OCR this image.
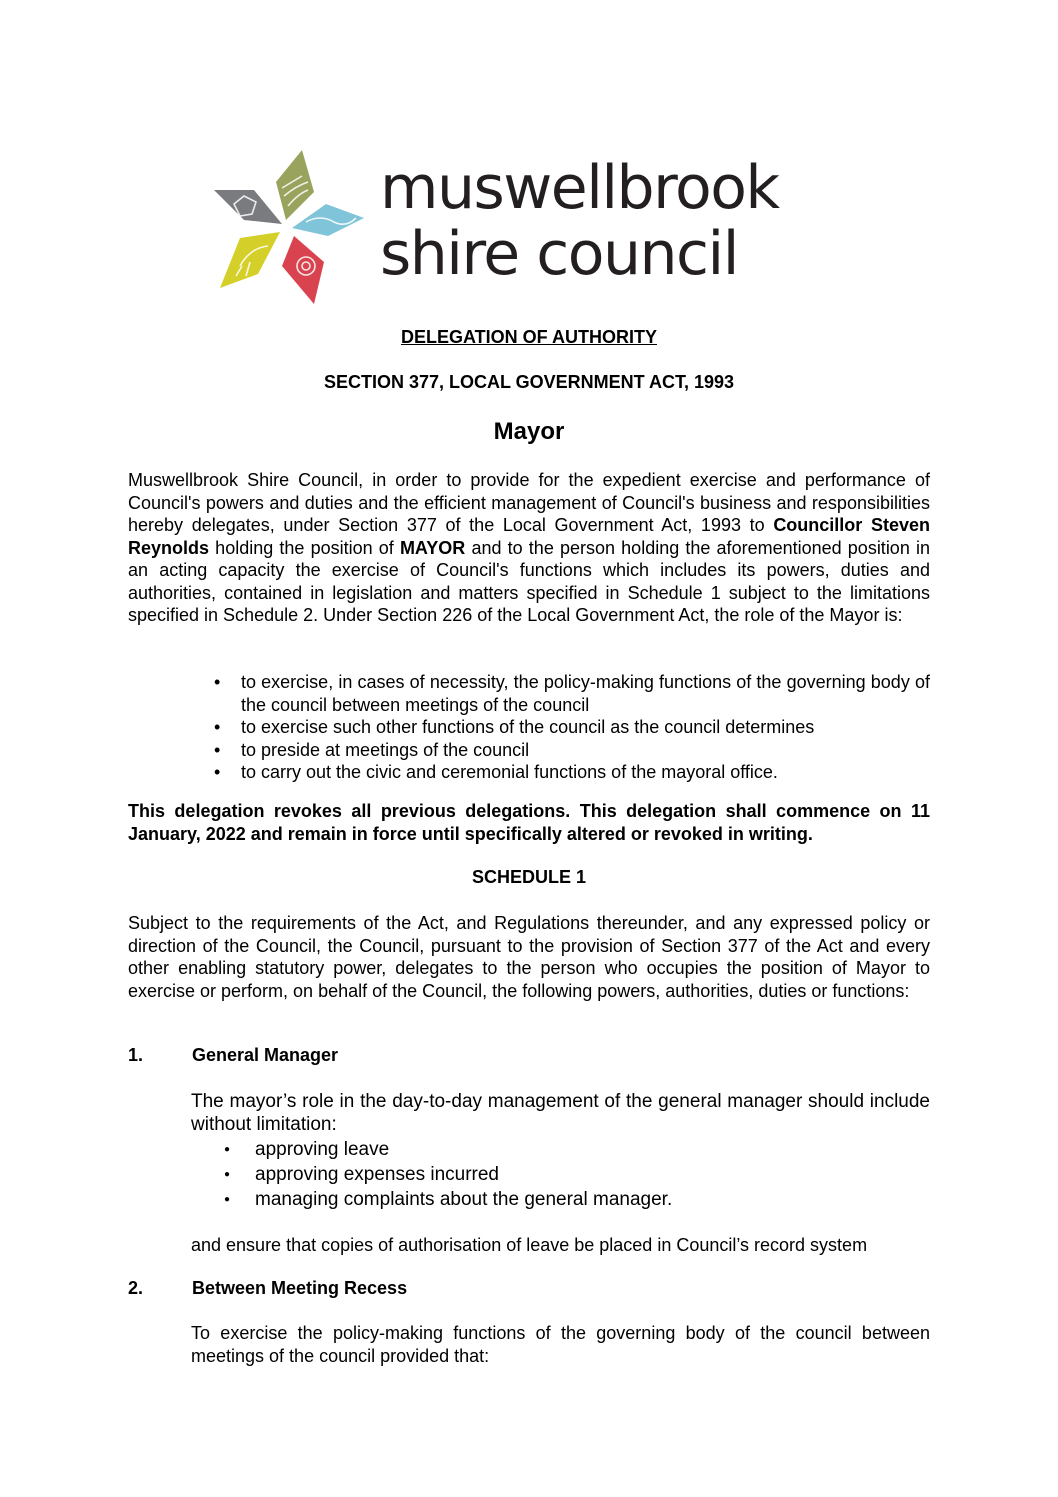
muswellbrook
shire council
DELEGATION OF AUTHORITY
SECTION 377, LOCAL GOVERNMENT ACT, 1993
Mayor

Muswellbrook Shire Council, in order to provide for the expedient exercise and performance of Council's powers and duties and the efficient management of Council's business and responsibilities hereby delegates, under Section 377 of the Local Government Act, 1993 to Councillor Steven Reynolds holding the position of MAYOR and to the person holding the aforementioned position in an acting capacity the exercise of Council's functions which includes its powers, duties and authorities, contained in legislation and matters specified in Schedule 1 subject to the limitations specified in Schedule 2. Under Section 226 of the Local Government Act, the role of the Mayor is:

• to exercise, in cases of necessity, the policy-making functions of the governing body of the council between meetings of the council
• to exercise such other functions of the council as the council determines
• to preside at meetings of the council
• to carry out the civic and ceremonial functions of the mayoral office.
This delegation revokes all previous delegations. This delegation shall commence on 11 January, 2022 and remain in force until specifically altered or revoked in writing.
SCHEDULE 1
Subject to the requirements of the Act, and Regulations thereunder, and any expressed policy or direction of the Council, the Council, pursuant to the provision of Section 377 of the Act and every other enabling statutory power, delegates to the person who occupies the position of Mayor to exercise or perform, on behalf of the Council, the following powers, authorities, duties or functions:
1.	General Manager
The mayor’s role in the day-to-day management of the general manager should include without limitation:
● approving leave
● approving expenses incurred
● managing complaints about the general manager.
and ensure that copies of authorisation of leave be placed in Council’s record system
2.	Between Meeting Recess
To exercise the policy-making functions of the governing body of the council between meetings of the council provided that:
